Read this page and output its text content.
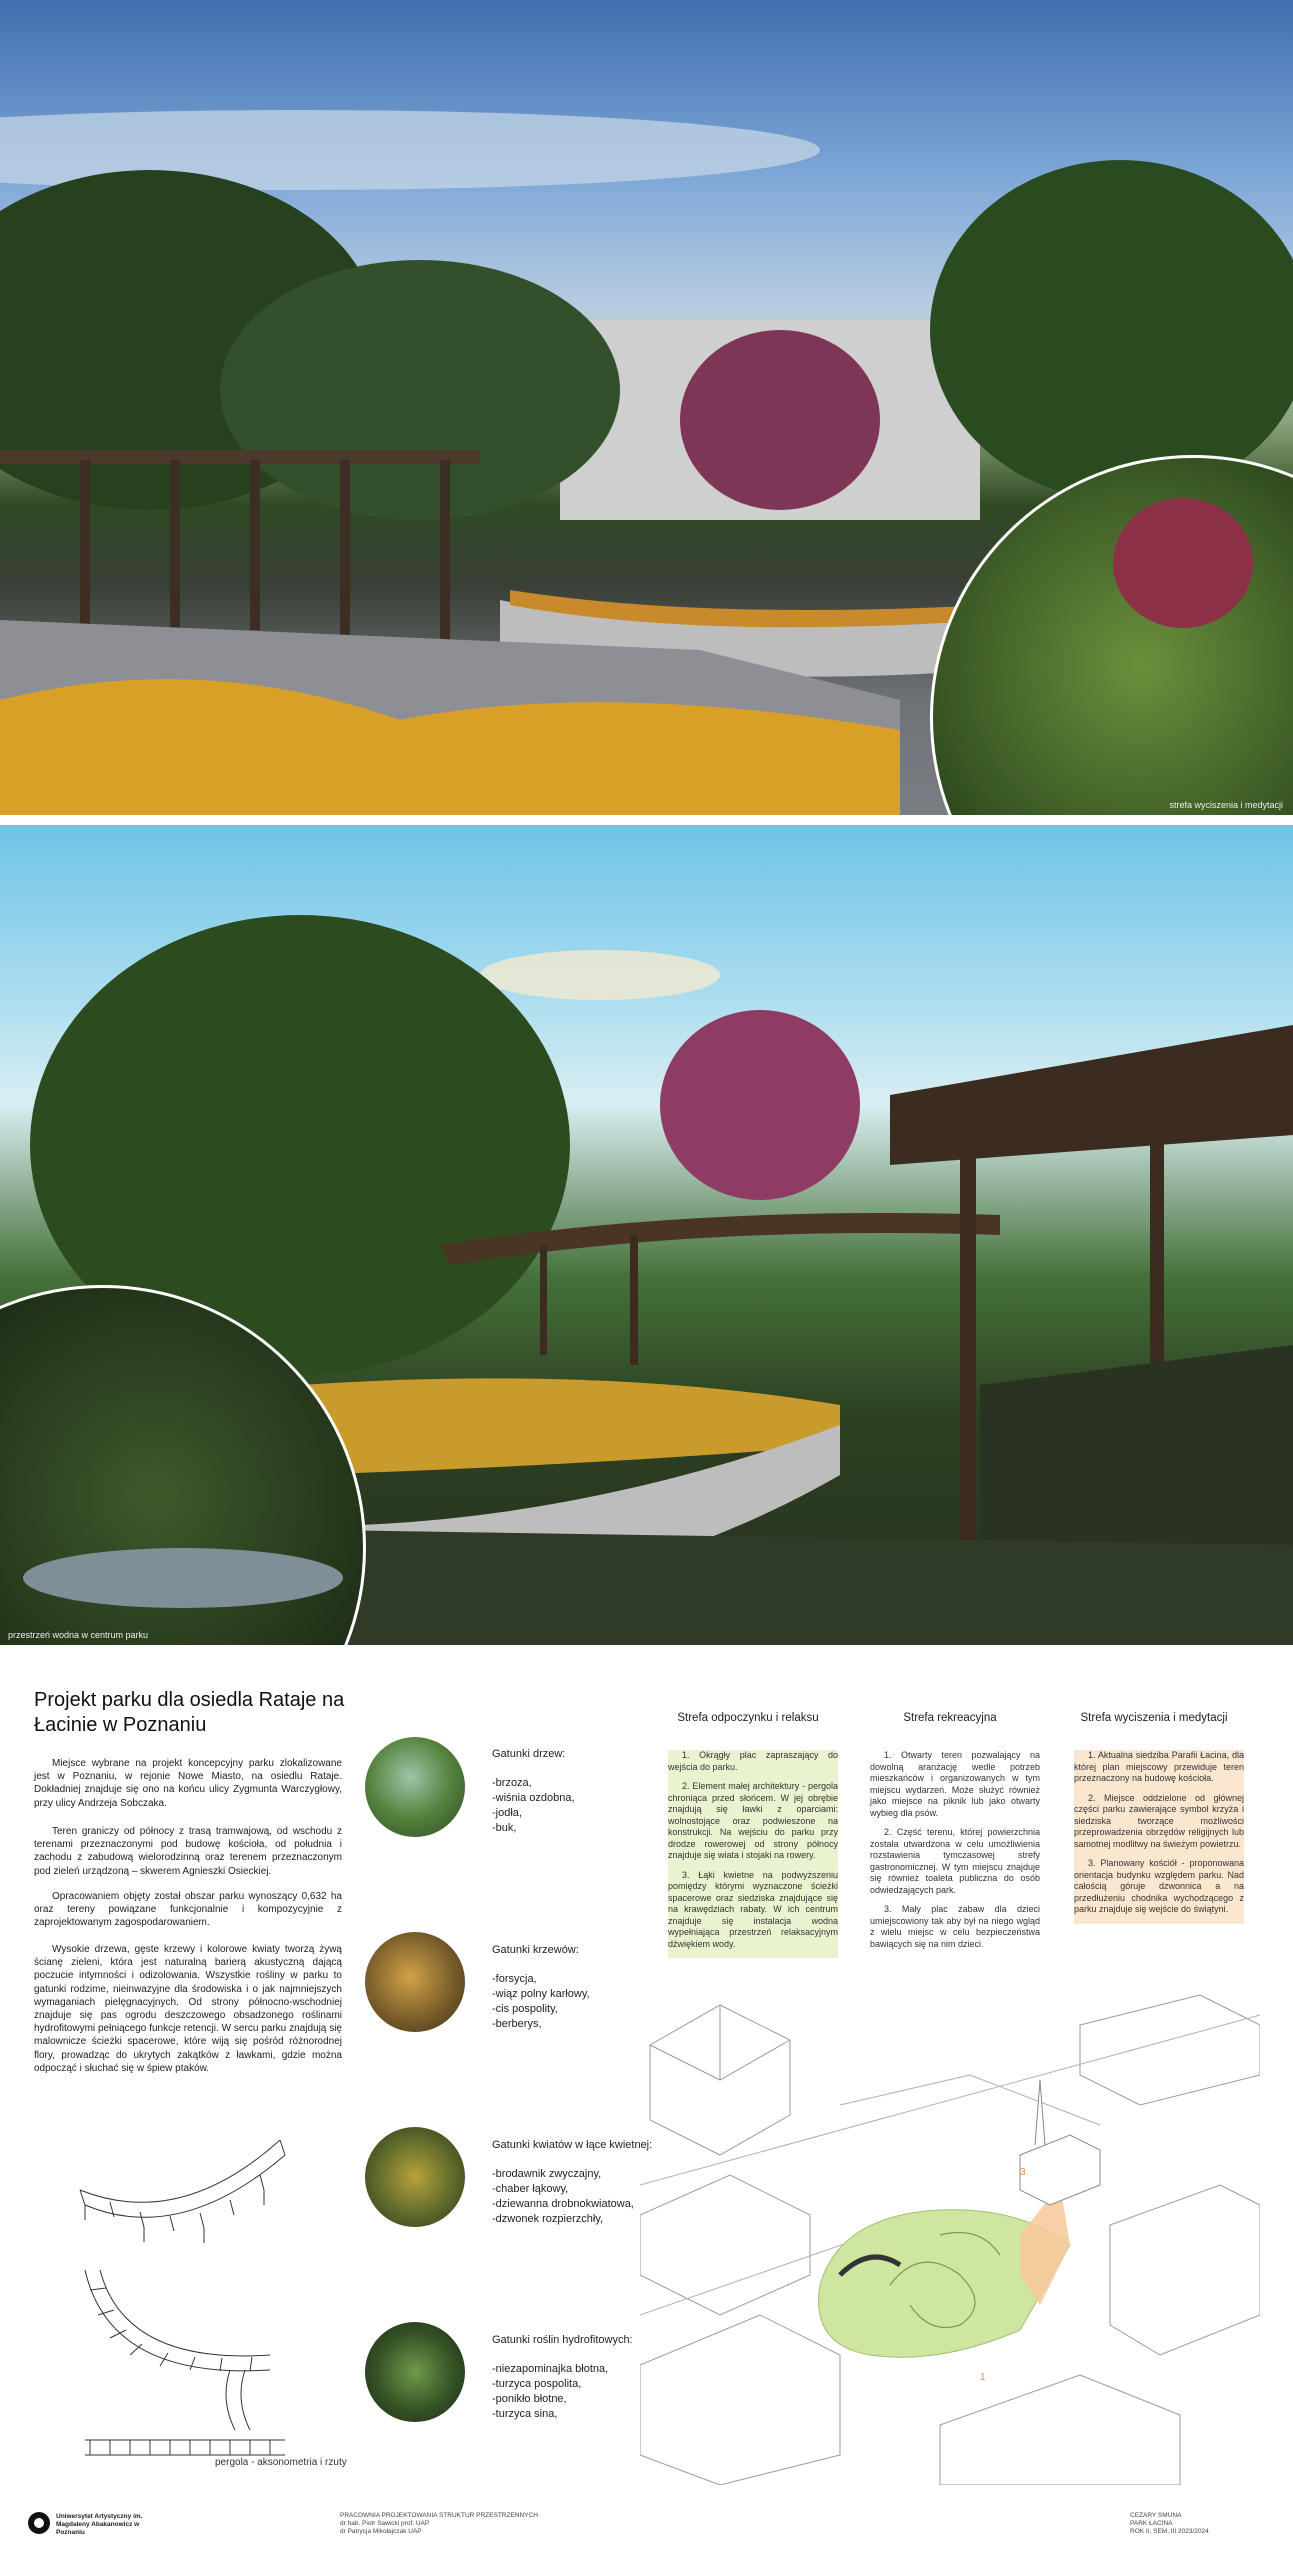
strefa wyciszenia i medytacji
przestrzeń wodna w centrum parku
Projekt parku dla osiedla Rataje na Łacinie w Poznaniu

Miejsce wybrane na projekt koncepcyjny parku zlokalizowane jest w Poznaniu, w rejonie Nowe Miasto, na osiedlu Rataje. Dokładniej znajduje się ono na końcu ulicy Zygmunta Warczygłowy, przy ulicy Andrzeja Sobczaka.

Teren graniczy od północy z trasą tramwajową, od wschodu z terenami przeznaczonymi pod budowę kościoła, od południa i zachodu z zabudową wielorodzinną oraz terenem przeznaczonym pod zieleń urządzoną – skwerem Agnieszki Osieckiej.

Opracowaniem objęty został obszar parku wynoszący 0,632 ha oraz tereny powiązane funkcjonalnie i kompozycyjnie z zaprojektowanym zagospodarowaniem.

Wysokie drzewa, gęste krzewy i kolorowe kwiaty tworzą żywą ścianę zieleni, która jest naturalną barierą akustyczną dającą poczucie intymności i odizolowania. Wszystkie rośliny w parku to gatunki rodzime, nieinwazyjne dla środowiska i o jak najmniejszych wymaganiach pielęgnacyjnych. Od strony północno-wschodniej znajduje się pas ogrodu deszczowego obsadzonego roślinami hydrofitowymi pełniącego funkcje retencji. W sercu parku znajdują się malownicze ścieżki spacerowe, które wiją się pośród różnorodnej flory, prowadząc do ukrytych zakątków z ławkami, gdzie można odpocząć i słuchać się w śpiew ptaków.

Gatunki drzew:
-brzoza,
-wiśnia ozdobna,
-jodła,
-buk,
Gatunki krzewów:
-forsycja,
-wiąz polny karłowy,
-cis pospolity,
-berberys,
Gatunki kwiatów w łące kwietnej:
-brodawnik zwyczajny,
-chaber łąkowy,
-dziewanna drobnokwiatowa,
-dzwonek rozpierzchły,
Gatunki roślin hydrofitowych:
-niezapominajka błotna,
-turzyca pospolita,
-ponikło błotne,
-turzyca sina,
Strefa odpoczynku i relaksu

1. Okrągły plac zapraszający do wejścia do parku.

2. Element małej architektury - pergola chroniąca przed słońcem. W jej obrębie znajdują się ławki z oparciami: wolnostojące oraz podwieszone na konstrukcji. Na wejściu do parku przy drodze rowerowej od strony północy znajduje się wiata i stojaki na rowery.

3. Łąki kwietne na podwyższeniu pomiędzy którymi wyznaczone ścieżki spacerowe oraz siedziska znajdujące się na krawędziach rabaty. W ich centrum znajduje się instalacja wodna wypełniająca przestrzeń relaksacyjnym dźwiękiem wody.

Strefa rekreacyjna

1. Otwarty teren pozwalający na dowolną aranżację wedle potrzeb mieszkańców i organizowanych w tym miejscu wydarzeń. Może służyć również jako miejsce na piknik lub jako otwarty wybieg dla psów.

2. Część terenu, której powierzchnia została utwardzona w celu umożliwienia rozstawienia tymczasowej strefy gastronomicznej. W tym miejscu znajduje się również toaleta publiczna do osób odwiedzających park.

3. Mały plac zabaw dla dzieci umiejscowiony tak aby był na niego wgląd z wielu miejsc w celu bezpieczeństwa bawiących się na nim dzieci.

Strefa wyciszenia i medytacji

1. Aktualna siedziba Parafii Łacina, dla której plan miejscowy przewiduje teren przeznaczony na budowę kościoła.

2. Miejsce oddzielone od głównej części parku zawierające symbol krzyża i siedziska tworzące możliwości przeprowadzenia obrzędów religijnych lub samotnej modlitwy na świeżym powietrzu.

3. Planowany kościół - proponowana orientacja budynku względem parku. Nad całością góruje dzwonnica a na przedłużeniu chodnika wychodzącego z parku znajduje się wejście do świątyni.

pergola - aksonometria i rzuty
3
1
Uniwersytet Artystyczny im. Magdaleny Abakanowicz w Poznaniu
PRACOWNIA PROJEKTOWANIA STRUKTUR PRZESTRZENNYCH
dr hab. Piotr Sawicki prof. UAP
dr Patrycja Mikołajczak UAP
CEZARY SMUNA
PARK ŁACINA
ROK II, SEM. III 2023/2024
